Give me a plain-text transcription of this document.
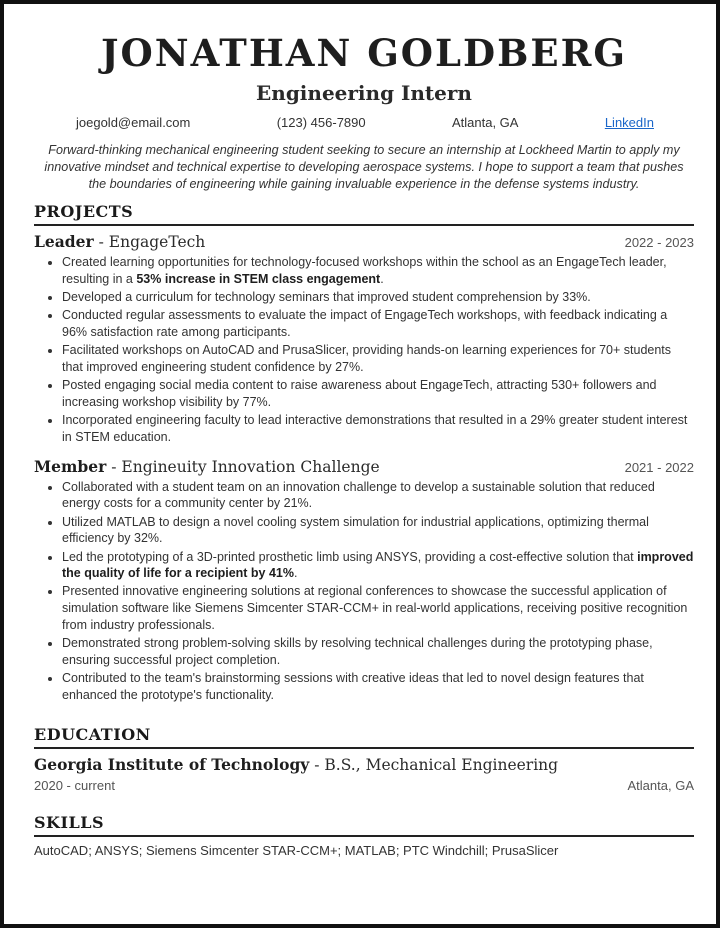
JONATHAN GOLDBERG
Engineering Intern
joegold@email.com	(123) 456-7890	Atlanta, GA	LinkedIn
Forward-thinking mechanical engineering student seeking to secure an internship at Lockheed Martin to apply my innovative mindset and technical expertise to developing aerospace systems. I hope to support a team that pushes the boundaries of engineering while gaining invaluable experience in the defense systems industry.
PROJECTS
Leader - EngageTech	2022 - 2023
• Created learning opportunities for technology-focused workshops within the school as an EngageTech leader, resulting in a 53% increase in STEM class engagement.
• Developed a curriculum for technology seminars that improved student comprehension by 33%.
• Conducted regular assessments to evaluate the impact of EngageTech workshops, with feedback indicating a 96% satisfaction rate among participants.
• Facilitated workshops on AutoCAD and PrusaSlicer, providing hands-on learning experiences for 70+ students that improved engineering student confidence by 27%.
• Posted engaging social media content to raise awareness about EngageTech, attracting 530+ followers and increasing workshop visibility by 77%.
• Incorporated engineering faculty to lead interactive demonstrations that resulted in a 29% greater student interest in STEM education.
Member - Engineuity Innovation Challenge	2021 - 2022
• Collaborated with a student team on an innovation challenge to develop a sustainable solution that reduced energy costs for a community center by 21%.
• Utilized MATLAB to design a novel cooling system simulation for industrial applications, optimizing thermal efficiency by 32%.
• Led the prototyping of a 3D-printed prosthetic limb using ANSYS, providing a cost-effective solution that improved the quality of life for a recipient by 41%.
• Presented innovative engineering solutions at regional conferences to showcase the successful application of simulation software like Siemens Simcenter STAR-CCM+ in real-world applications, receiving positive recognition from industry professionals.
• Demonstrated strong problem-solving skills by resolving technical challenges during the prototyping phase, ensuring successful project completion.
• Contributed to the team's brainstorming sessions with creative ideas that led to novel design features that enhanced the prototype's functionality.
EDUCATION
Georgia Institute of Technology - B.S., Mechanical Engineering
2020 - current	Atlanta, GA
SKILLS
AutoCAD; ANSYS; Siemens Simcenter STAR-CCM+; MATLAB; PTC Windchill; PrusaSlicer
